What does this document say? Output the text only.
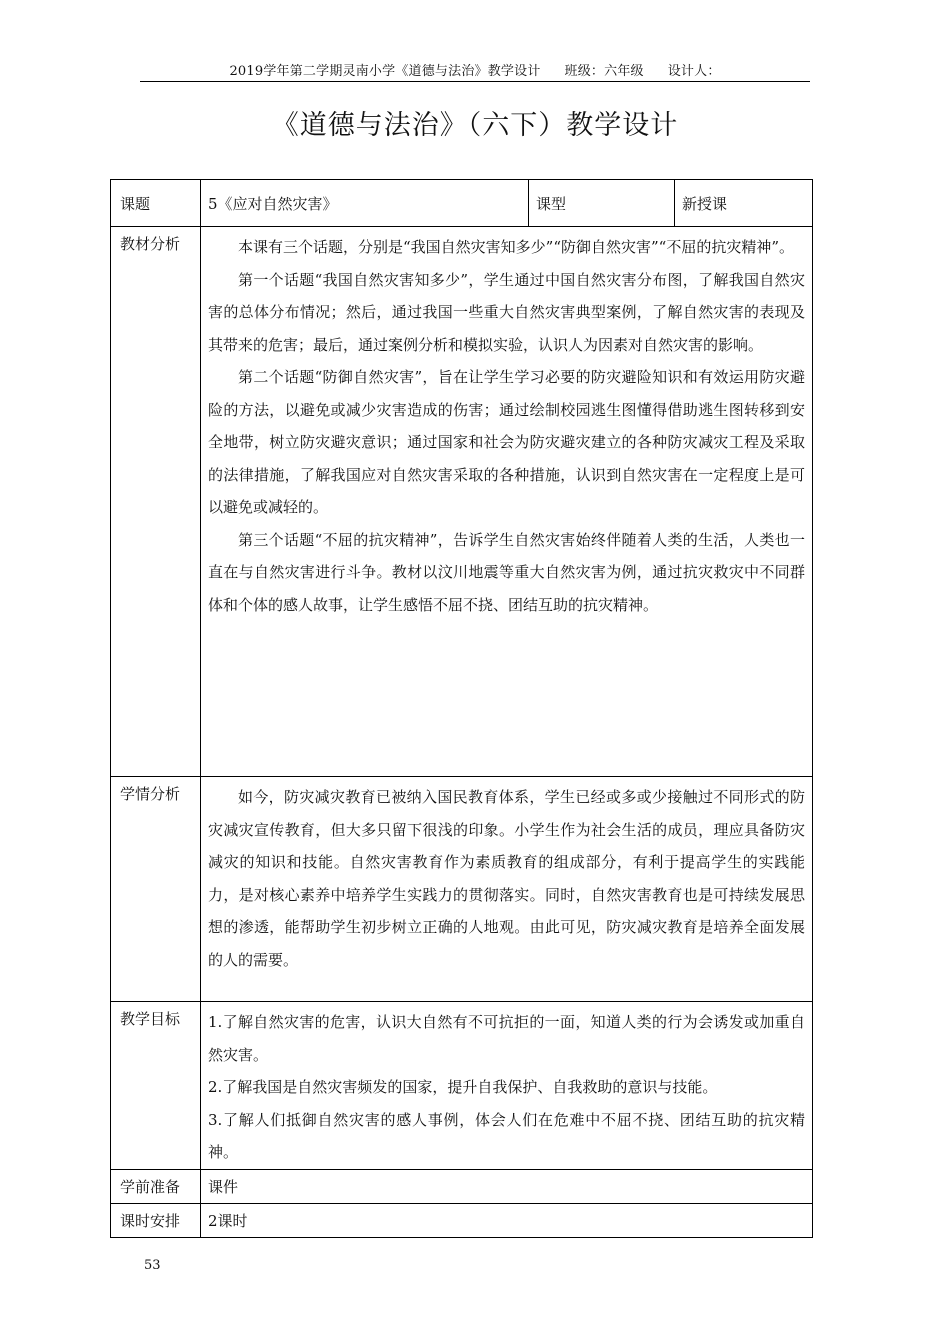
2019学年第二学期灵南小学《道德与法治》教学设计 班级：六年级 设计人：
《道德与法治》（六下）教学设计
课题	5《应对自然灾害》	课型	新授课
教材分析	本课有三个话题，分别是“我国自然灾害知多少”“防御自然灾害”“不屈的抗灾精神”。

第一个话题“我国自然灾害知多少”，学生通过中国自然灾害分布图，了解我国自然灾害的总体分布情况；然后，通过我国一些重大自然灾害典型案例，了解自然灾害的表现及其带来的危害；最后，通过案例分析和模拟实验，认识人为因素对自然灾害的影响。

第二个话题“防御自然灾害”，旨在让学生学习必要的防灾避险知识和有效运用防灾避险的方法，以避免或减少灾害造成的伤害；通过绘制校园逃生图懂得借助逃生图转移到安全地带，树立防灾避灾意识；通过国家和社会为防灾避灾建立的各种防灾减灾工程及采取的法律措施，了解我国应对自然灾害采取的各种措施，认识到自然灾害在一定程度上是可以避免或减轻的。

第三个话题“不屈的抗灾精神”，告诉学生自然灾害始终伴随着人类的生活，人类也一直在与自然灾害进行斗争。教材以汶川地震等重大自然灾害为例，通过抗灾救灾中不同群体和个体的感人故事，让学生感悟不屈不挠、团结互助的抗灾精神。		

学情分析	如今，防灾减灾教育已被纳入国民教育体系，学生已经或多或少接触过不同形式的防灾减灾宣传教育，但大多只留下很浅的印象。小学生作为社会生活的成员，理应具备防灾减灾的知识和技能。自然灾害教育作为素质教育的组成部分，有利于提高学生的实践能力，是对核心素养中培养学生实践力的贯彻落实。同时，自然灾害教育也是可持续发展思想的渗透，能帮助学生初步树立正确的人地观。由此可见，防灾减灾教育是培养全面发展的人的需要。		

教学目标	1.了解自然灾害的危害，认识大自然有不可抗拒的一面，知道人类的行为会诱发或加重自然灾害。

2.了解我国是自然灾害频发的国家，提升自我保护、自我救助的意识与技能。

3.了解人们抵御自然灾害的感人事例，体会人们在危难中不屈不挠、团结互助的抗灾精神。		

学前准备	课件		
课时安排	2课时		
53
